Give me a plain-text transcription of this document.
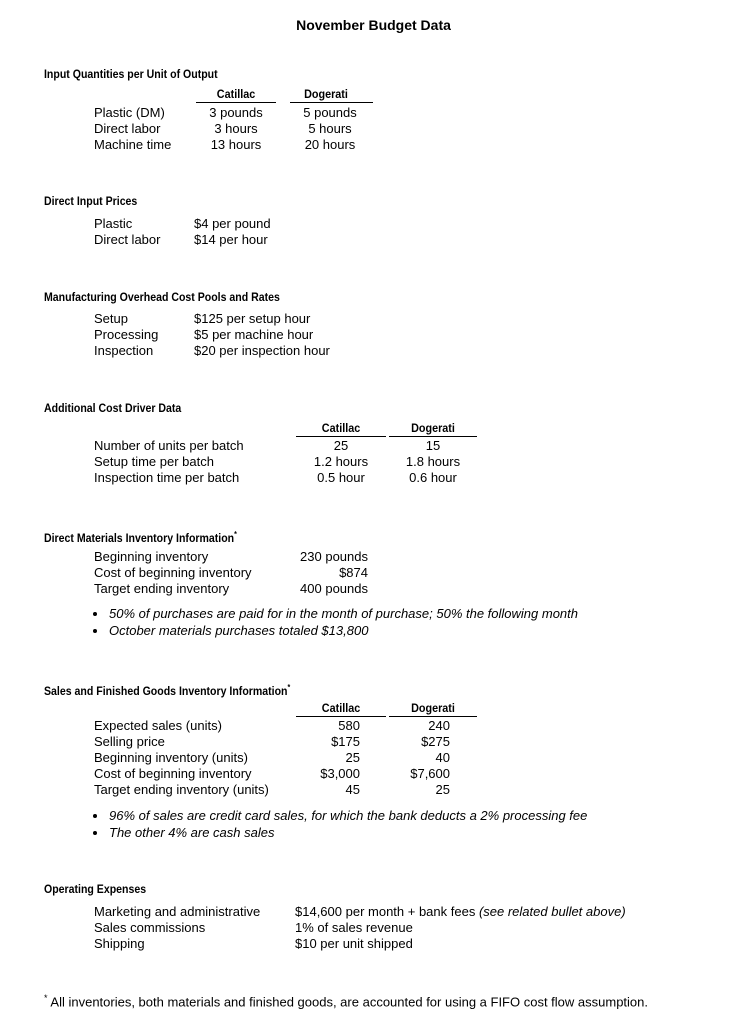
November Budget Data
Input Quantities per Unit of Output
Catillac	Dogerati
Plastic (DM)	3 pounds	5 pounds
Direct labor	3 hours	5 hours
Machine time	13 hours	20 hours
Direct Input Prices
Plastic	$4 per pound
Direct labor	$14 per hour
Manufacturing Overhead Cost Pools and Rates
Setup	$125 per setup hour
Processing	$5 per machine hour
Inspection	$20 per inspection hour
Additional Cost Driver Data
Catillac	Dogerati
Number of units per batch	25	15
Setup time per batch	1.2 hours	1.8 hours
Inspection time per batch	0.5 hour	0.6 hour
Direct Materials Inventory Information*
Beginning inventory	230 pounds
Cost of beginning inventory	$874
Target ending inventory	400 pounds
50% of purchases are paid for in the month of purchase; 50% the following month
October materials purchases totaled $13,800
Sales and Finished Goods Inventory Information*
Catillac	Dogerati
Expected sales (units)	580	240
Selling price	$175	$275
Beginning inventory (units)	25	40
Cost of beginning inventory	$3,000	$7,600
Target ending inventory (units)	45	25
96% of sales are credit card sales, for which the bank deducts a 2% processing fee
The other 4% are cash sales
Operating Expenses
Marketing and administrative	$14,600 per month + bank fees (see related bullet above)
Sales commissions	1% of sales revenue
Shipping	$10 per unit shipped
* All inventories, both materials and finished goods, are accounted for using a FIFO cost flow assumption.
